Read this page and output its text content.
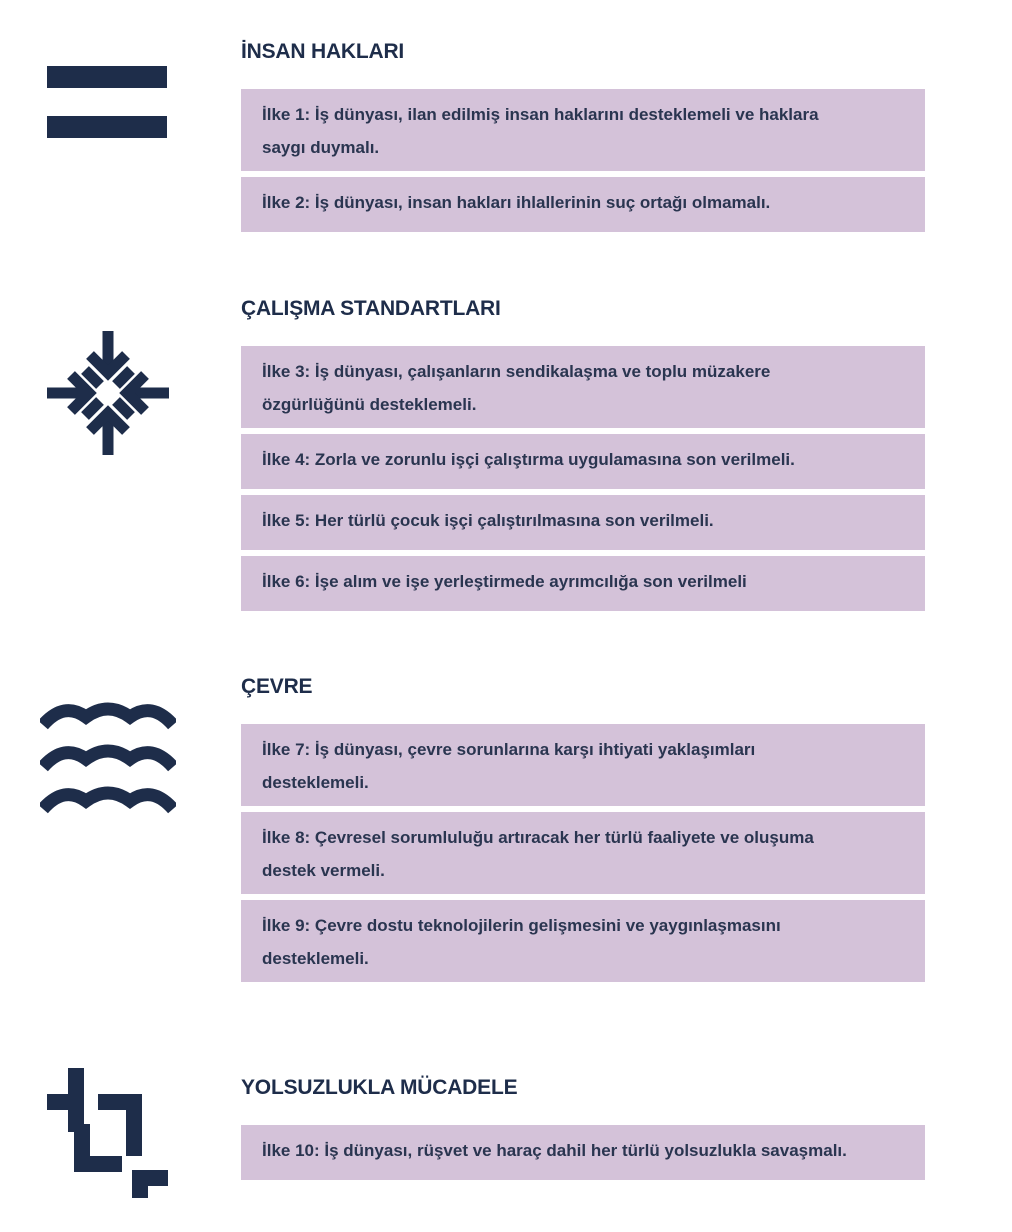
İNSAN HAKLARI
İlke 1: İş dünyası, ilan edilmiş insan haklarını desteklemeli ve haklara saygı duymalı.
İlke 2: İş dünyası, insan hakları ihlallerinin suç ortağı olmamalı.
ÇALIŞMA STANDARTLARI
İlke 3: İş dünyası, çalışanların sendikalaşma ve toplu müzakere özgürlüğünü desteklemeli.
İlke 4: Zorla ve zorunlu işçi çalıştırma uygulamasına son verilmeli.
İlke 5: Her türlü çocuk işçi çalıştırılmasına son verilmeli.
İlke 6: İşe alım ve işe yerleştirmede ayrımcılığa son verilmeli
ÇEVRE
İlke 7: İş dünyası, çevre sorunlarına karşı ihtiyati yaklaşımları desteklemeli.
İlke 8: Çevresel sorumluluğu artıracak her türlü faaliyete ve oluşuma destek vermeli.
İlke 9: Çevre dostu teknolojilerin gelişmesini ve yaygınlaşmasını desteklemeli.
YOLSUZLUKLA MÜCADELE
İlke 10: İş dünyası, rüşvet ve haraç dahil her türlü yolsuzlukla savaşmalı.
